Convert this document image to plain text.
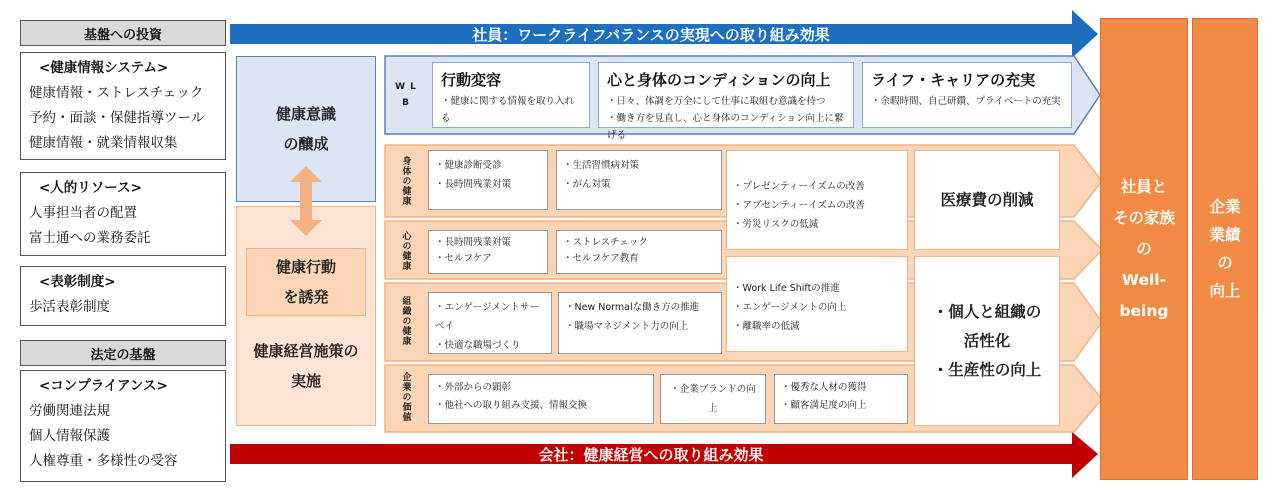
基盤への投資
<健康情報システム>
健康情報・ストレスチェック
予約・面談・保健指導ツール
健康情報・就業情報収集
<人的リソース>
人事担当者の配置
富士通への業務委託
<表彰制度>
歩活表彰制度
法定の基盤
<コンプライアンス>
労働関連法規
個人情報保護
人権尊重・多様性の受容
社員：ワークライフバランスの実現への取り組み効果
会社：健康経営への取り組み効果
健康意識
の醸成
健康行動
を誘発
健康経営施策の
実施
W L B
行動変容
・健康に関する情報を取り入れる
心と身体のコンディションの向上
・日々、体調を万全にして仕事に取組む意識を持つ
・働き方を見直し、心と身体のコンディション向上に繋げる
ライフ・キャリアの充実
・余暇時間、自己研鑽、プライベートの充実
身体の健康
心の健康
組織の健康
企業の価値
・健康診断受診
・長時間残業対策
・生活習慣病対策
・がん対策
・長時間残業対策
・セルフケア
・ストレスチェック
・セルフケア教育
・エンゲージメントサーベイ
・快適な職場づくり
・New Normalな働き方の推進
・職場マネジメント力の向上
・外部からの顕彰
・他社への取り組み支援、情報交換
・企業ブランドの向上
・優秀な人材の獲得
・顧客満足度の向上
・プレゼンティーイズムの改善
・アブセンティーイズムの改善
・労災リスクの低減
・Work Life Shiftの推進
・エンゲージメントの向上
・離職率の低減
医療費の削減
・個人と組織の
活性化
・生産性の向上
社員と
その家族
の
Well-
being
企業
業績
の
向上
